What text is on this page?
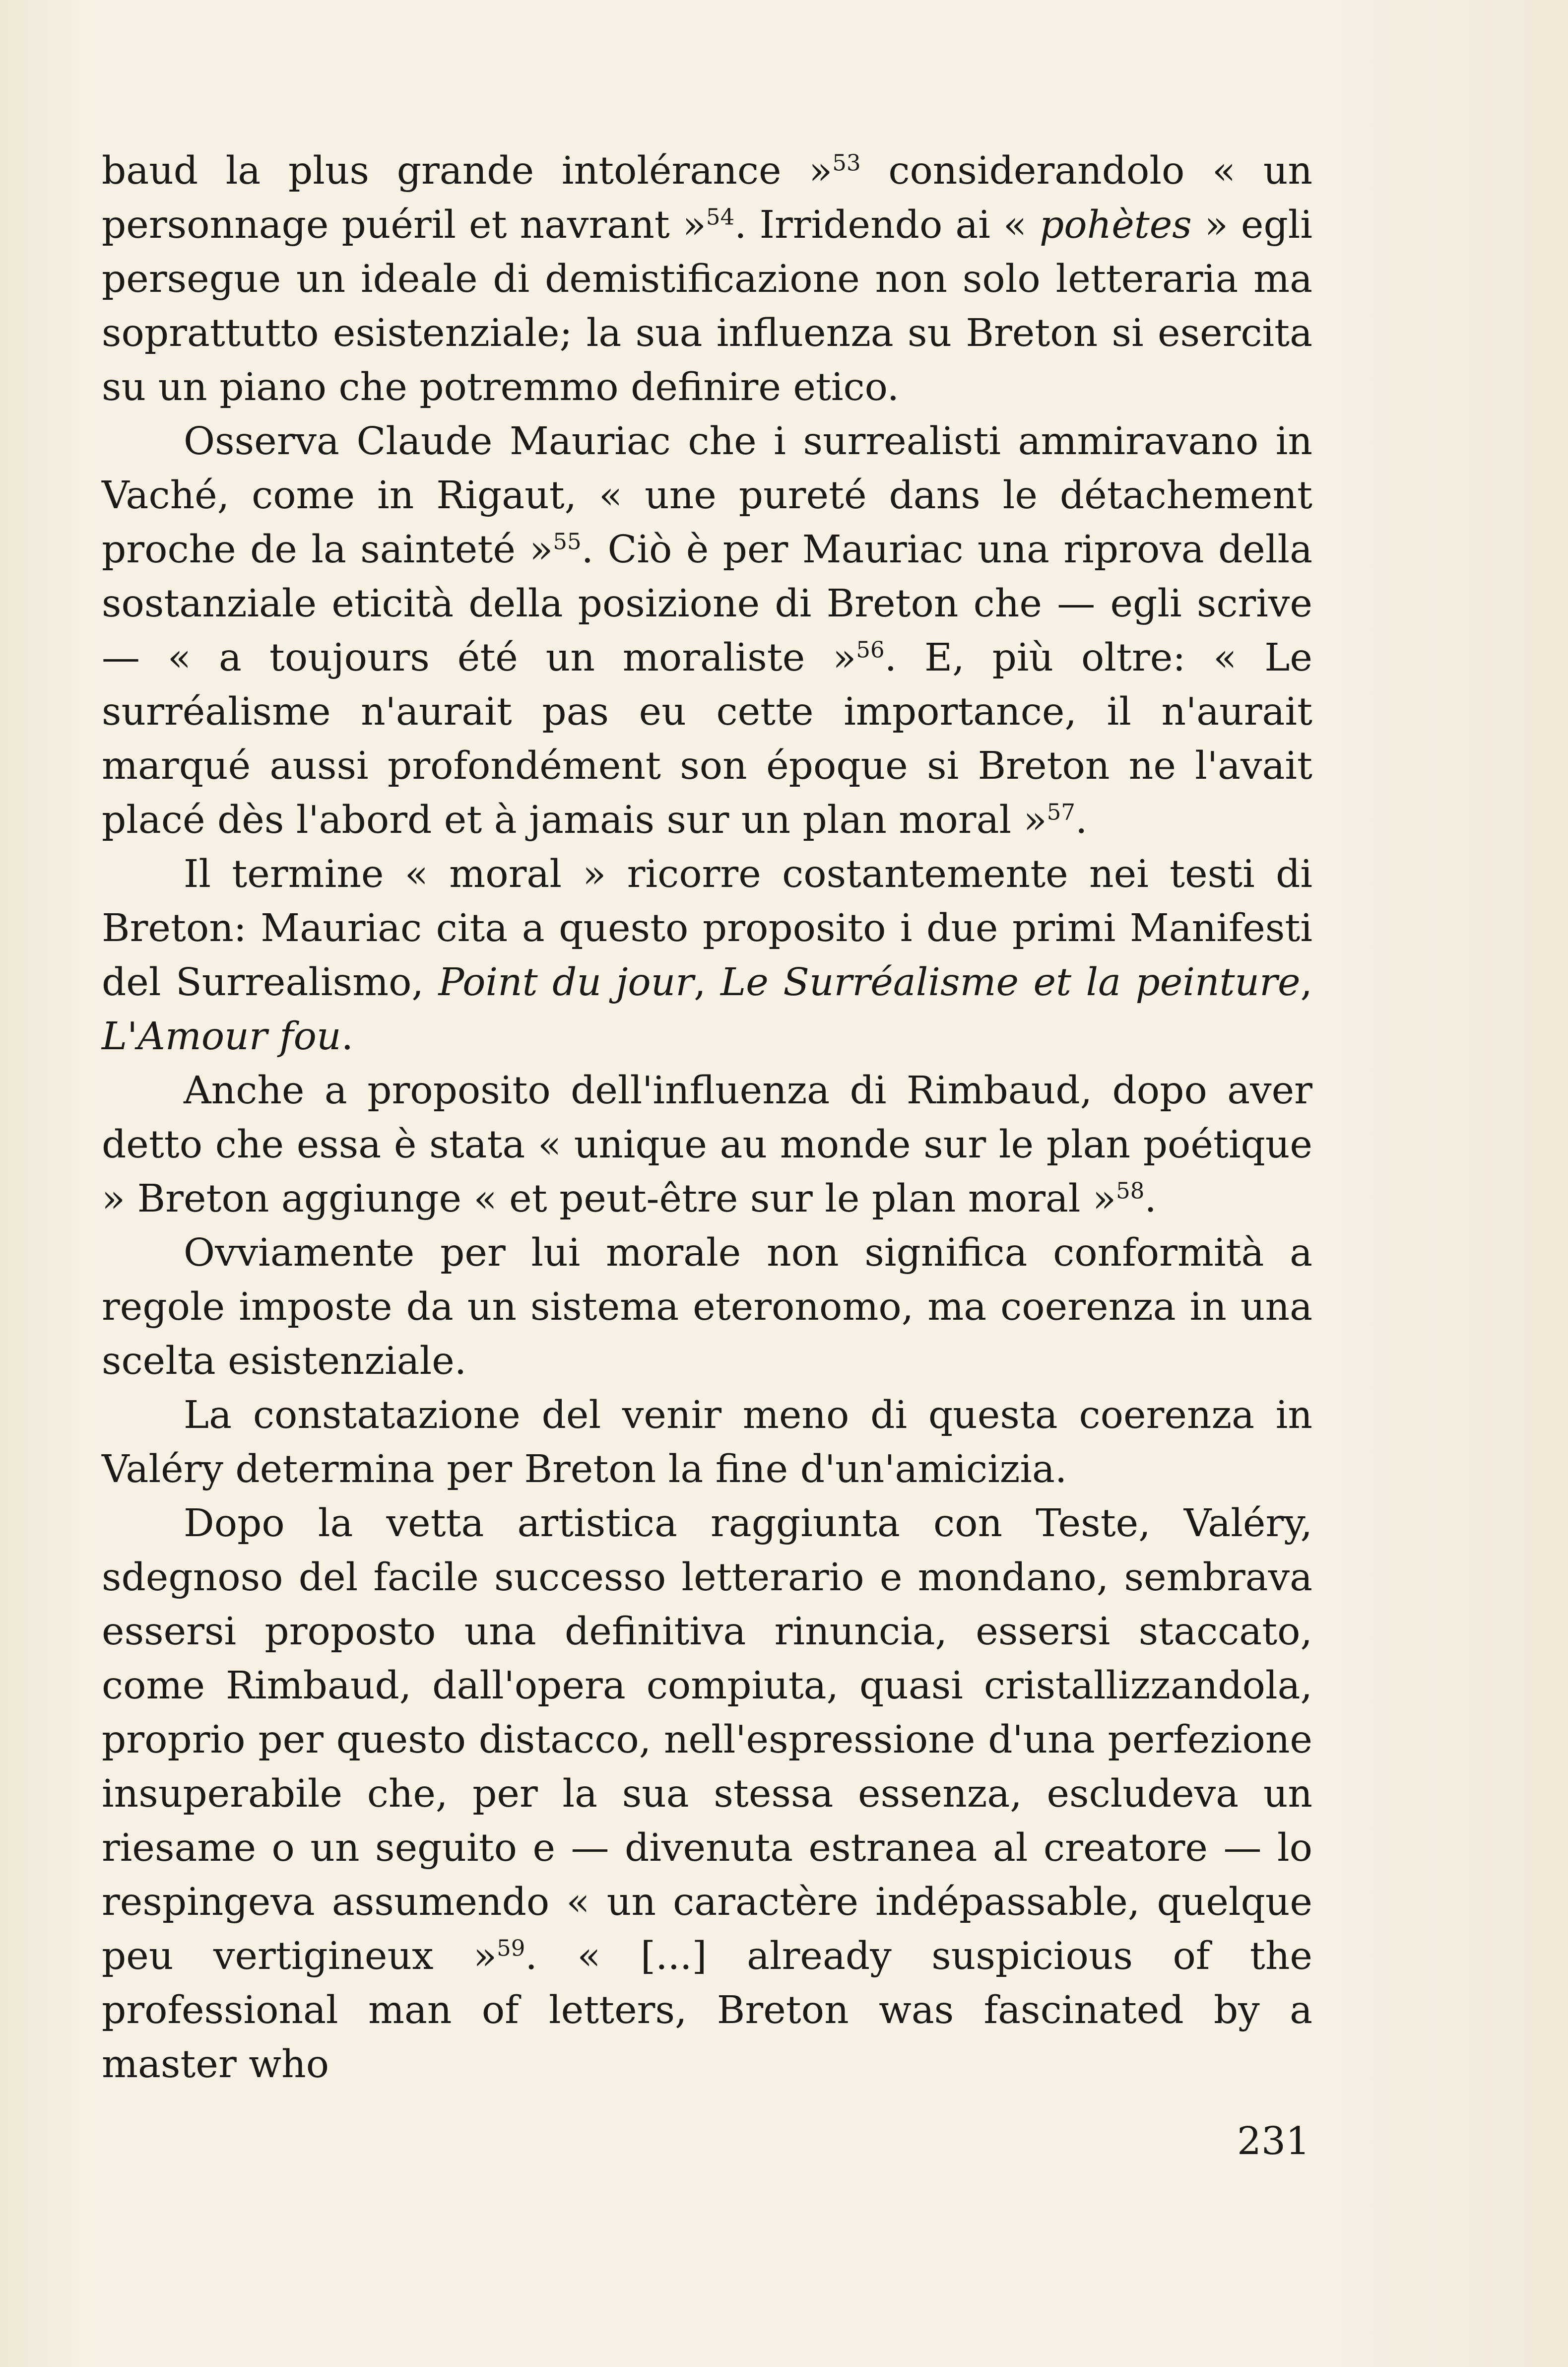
baud la plus grande intolérance »$^{53}$ considerandolo « un personnage puéril et navrant »$^{54}$. Irridendo ai « pohètes » egli persegue un ideale di demistificazione non solo letteraria ma soprattutto esistenziale; la sua influenza su Breton si esercita su un piano che potremmo definire etico.

Osserva Claude Mauriac che i surrealisti ammiravano in Vaché, come in Rigaut, « une pureté dans le détachement proche de la sainteté »$^{55}$. Ciò è per Mauriac una riprova della sostanziale eticità della posizione di Breton che — egli scrive — « a toujours été un moraliste »$^{56}$. E, più oltre: « Le surréalisme n'aurait pas eu cette importance, il n'aurait marqué aussi profondément son époque si Breton ne l'avait placé dès l'abord et à jamais sur un plan moral »$^{57}$.

Il termine « moral » ricorre costantemente nei testi di Breton: Mauriac cita a questo proposito i due primi Manifesti del Surrealismo, Point du jour, Le Surréalisme et la peinture, L'Amour fou.

Anche a proposito dell'influenza di Rimbaud, dopo aver detto che essa è stata « unique au monde sur le plan poétique » Breton aggiunge « et peut-être sur le plan moral »$^{58}$.

Ovviamente per lui morale non significa conformità a regole imposte da un sistema eteronomo, ma coerenza in una scelta esistenziale.

La constatazione del venir meno di questa coerenza in Valéry determina per Breton la fine d'un'amicizia.

Dopo la vetta artistica raggiunta con Teste, Valéry, sdegnoso del facile successo letterario e mondano, sembrava essersi proposto una definitiva rinuncia, essersi staccato, come Rimbaud, dall'opera compiuta, quasi cristallizzandola, proprio per questo distacco, nell'espressione d'una perfezione insuperabile che, per la sua stessa essenza, escludeva un riesame o un seguito e — divenuta estranea al creatore — lo respingeva assumendo « un caractère indépassable, quelque peu vertigineux »$^{59}$. « [...] already suspicious of the professional man of letters, Breton was fascinated by a master who

231
